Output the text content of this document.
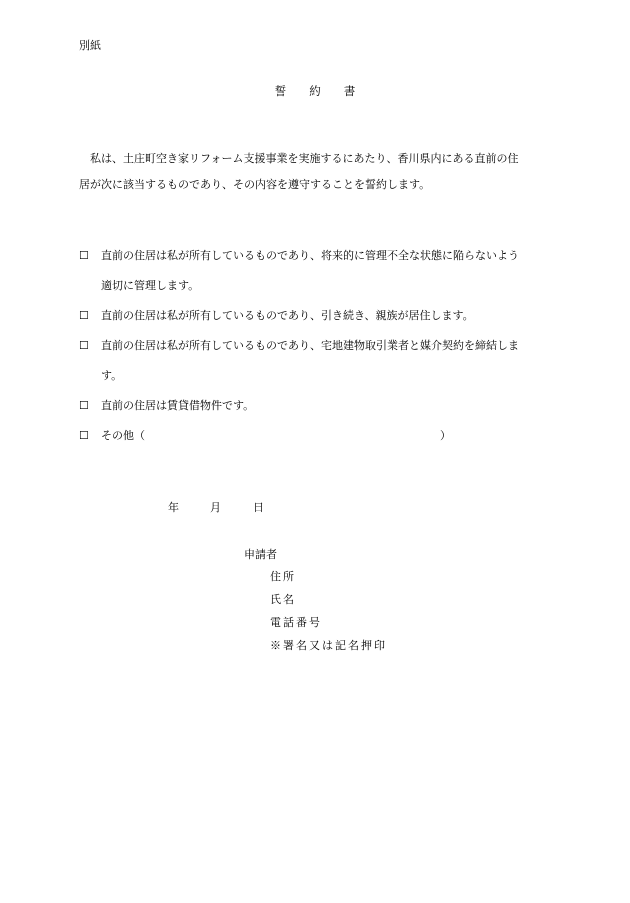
別紙
誓　　約　　書
　私は、土庄町空き家リフォーム支援事業を実施するにあたり、香川県内にある直前の住
居が次に該当するものであり、その内容を遵守することを誓約します。
☐ 直前の住居は私が所有しているものであり、将来的に管理不全な状態に陥らないよう
適切に管理します。
☐ 直前の住居は私が所有しているものであり、引き続き、親族が居住します。
☐ 直前の住居は私が所有しているものであり、宅地建物取引業者と媒介契約を締結しま
す。
☐ 直前の住居は賃貸借物件です。
☐ その他（	）
年	月	日
申請者
住所
氏名
電話番号
※署名又は記名押印
